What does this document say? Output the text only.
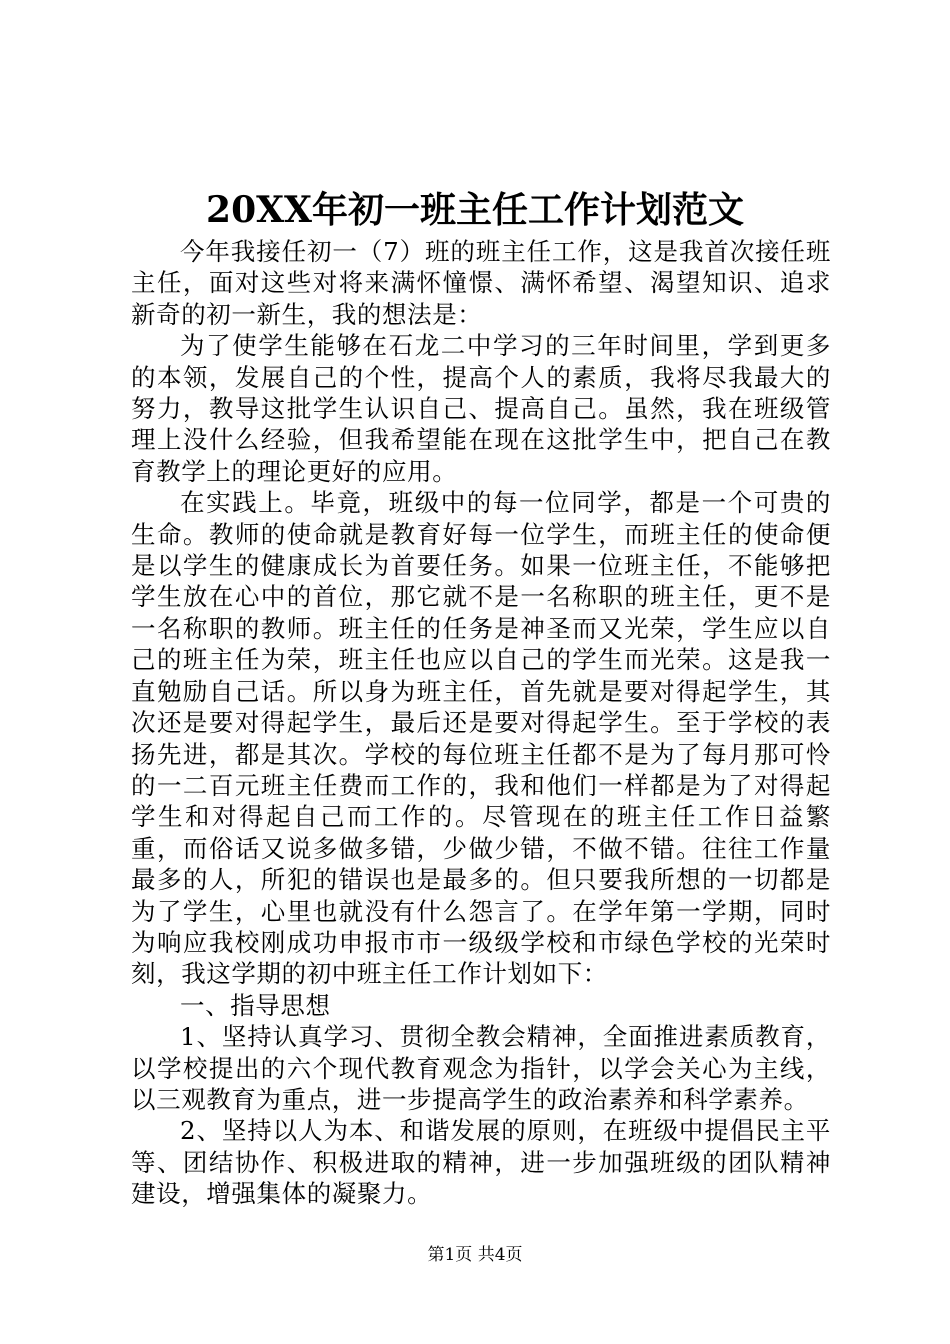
20XX年初一班主任工作计划范文

今年我接任初一（7）班的班主任工作，这是我首次接任班主任，面对这些对将来满怀憧憬、满怀希望、渴望知识、追求新奇的初一新生，我的想法是：

为了使学生能够在石龙二中学习的三年时间里，学到更多的本领，发展自己的个性，提高个人的素质，我将尽我最大的努力，教导这批学生认识自己、提高自己。虽然，我在班级管理上没什么经验，但我希望能在现在这批学生中，把自己在教育教学上的理论更好的应用。

在实践上。毕竟，班级中的每一位同学，都是一个可贵的生命。教师的使命就是教育好每一位学生，而班主任的使命便是以学生的健康成长为首要任务。如果一位班主任，不能够把学生放在心中的首位，那它就不是一名称职的班主任，更不是一名称职的教师。班主任的任务是神圣而又光荣，学生应以自己的班主任为荣，班主任也应以自己的学生而光荣。这是我一直勉励自己话。所以身为班主任，首先就是要对得起学生，其次还是要对得起学生，最后还是要对得起学生。至于学校的表扬先进，都是其次。学校的每位班主任都不是为了每月那可怜的一二百元班主任费而工作的，我和他们一样都是为了对得起学生和对得起自己而工作的。尽管现在的班主任工作日益繁重，而俗话又说多做多错，少做少错，不做不错。往往工作量最多的人，所犯的错误也是最多的。但只要我所想的一切都是为了学生，心里也就没有什么怨言了。在学年第一学期，同时为响应我校刚成功申报市市一级级学校和市绿色学校的光荣时刻，我这学期的初中班主任工作计划如下：

一、指导思想

1、坚持认真学习、贯彻全教会精神，全面推进素质教育，以学校提出的六个现代教育观念为指针，以学会关心为主线，以三观教育为重点，进一步提高学生的政治素养和科学素养。

2、坚持以人为本、和谐发展的原则，在班级中提倡民主平等、团结协作、积极进取的精神，进一步加强班级的团队精神建设，增强集体的凝聚力。

第1页 共4页
